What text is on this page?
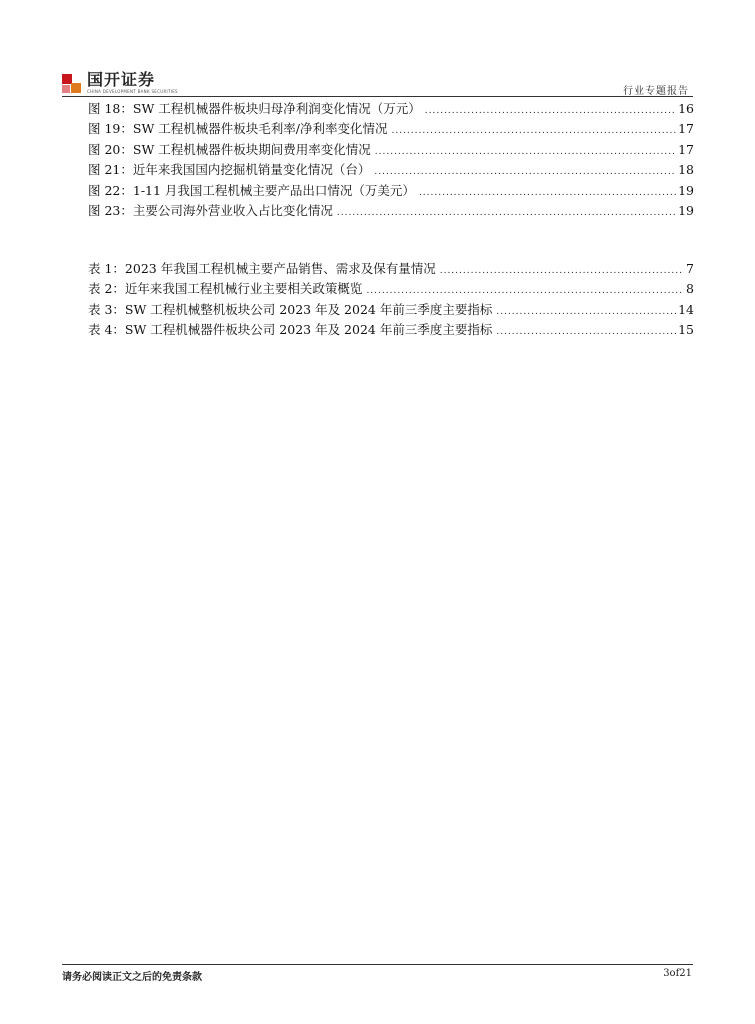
国开证券
CHINA DEVELOPMENT BANK SECURITIES	行业专题报告
图 18：SW 工程机械器件板块归母净利润变化情况（万元） .....	16
图 19：SW 工程机械器件板块毛利率/净利率变化情况 .....	17
图 20：SW 工程机械器件板块期间费用率变化情况 .....	17
图 21：近年来我国国内挖掘机销量变化情况（台） .....	18
图 22：1-11 月我国工程机械主要产品出口情况（万美元） .....	19
图 23：主要公司海外营业收入占比变化情况 .....	19
表 1：2023 年我国工程机械主要产品销售、需求及保有量情况 .....	7
表 2：近年来我国工程机械行业主要相关政策概览 .....	8
表 3：SW 工程机械整机板块公司 2023 年及 2024 年前三季度主要指标 .....	14
表 4：SW 工程机械器件板块公司 2023 年及 2024 年前三季度主要指标 .....	15
请务必阅读正文之后的免责条款	3of21
